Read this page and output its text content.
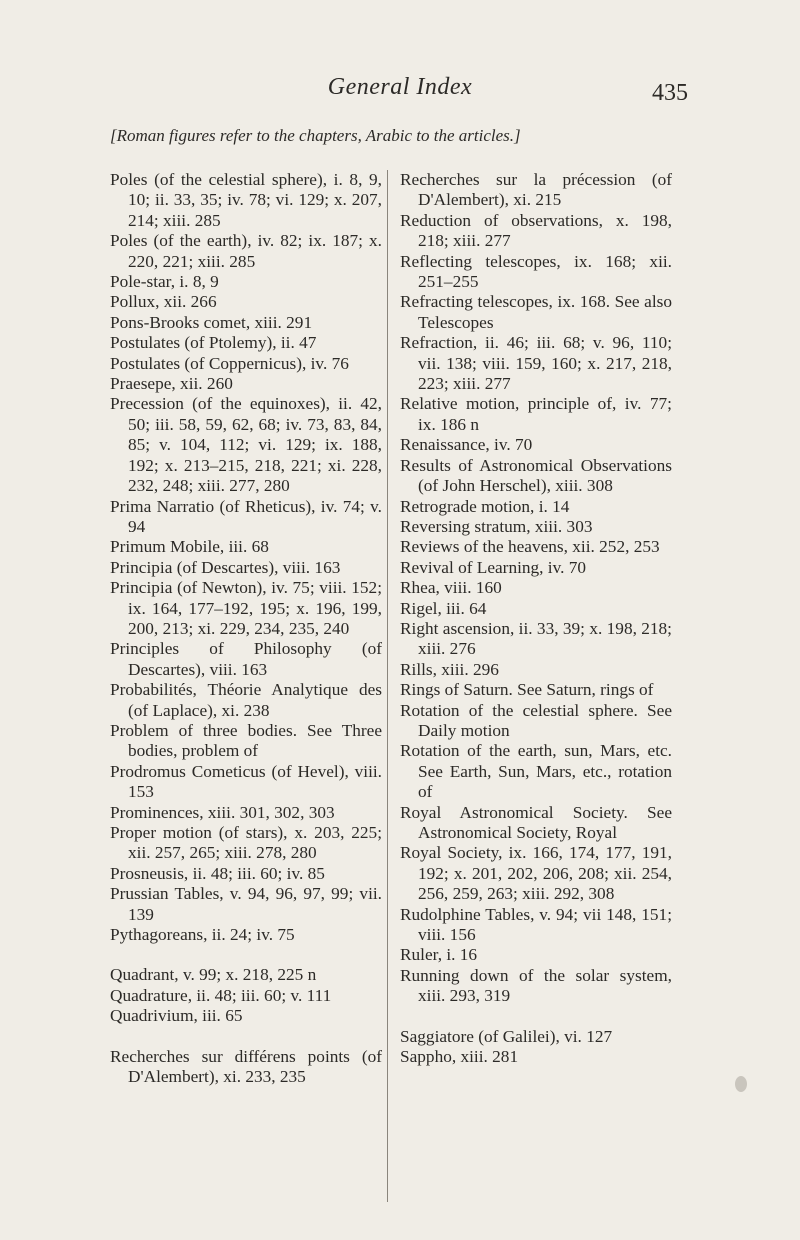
General Index	435
[Roman figures refer to the chapters, Arabic to the articles.]
Poles (of the celestial sphere), i. 8, 9, 10; ii. 33, 35; iv. 78; vi. 129; x. 207, 214; xiii. 285
Poles (of the earth), iv. 82; ix. 187; x. 220, 221; xiii. 285
Pole-star, i. 8, 9
Pollux, xii. 266
Pons-Brooks comet, xiii. 291
Postulates (of Ptolemy), ii. 47
Postulates (of Coppernicus), iv. 76
Praesepe, xii. 260
Precession (of the equinoxes), ii. 42, 50; iii. 58, 59, 62, 68; iv. 73, 83, 84, 85; v. 104, 112; vi. 129; ix. 188, 192; x. 213–215, 218, 221; xi. 228, 232, 248; xiii. 277, 280
Prima Narratio (of Rheticus), iv. 74; v. 94
Primum Mobile, iii. 68
Principia (of Descartes), viii. 163
Principia (of Newton), iv. 75; viii. 152; ix. 164, 177–192, 195; x. 196, 199, 200, 213; xi. 229, 234, 235, 240
Principles of Philosophy (of Descartes), viii. 163
Probabilités, Théorie Analytique des (of Laplace), xi. 238
Problem of three bodies. See Three bodies, problem of
Prodromus Cometicus (of Hevel), viii. 153
Prominences, xiii. 301, 302, 303
Proper motion (of stars), x. 203, 225; xii. 257, 265; xiii. 278, 280
Prosneusis, ii. 48; iii. 60; iv. 85
Prussian Tables, v. 94, 96, 97, 99; vii. 139
Pythagoreans, ii. 24; iv. 75
Quadrant, v. 99; x. 218, 225 n
Quadrature, ii. 48; iii. 60; v. 111
Quadrivium, iii. 65
Recherches sur différens points (of D'Alembert), xi. 233, 235
Recherches sur la précession (of D'Alembert), xi. 215
Reduction of observations, x. 198, 218; xiii. 277
Reflecting telescopes, ix. 168; xii. 251–255
Refracting telescopes, ix. 168. See also Telescopes
Refraction, ii. 46; iii. 68; v. 96, 110; vii. 138; viii. 159, 160; x. 217, 218, 223; xiii. 277
Relative motion, principle of, iv. 77; ix. 186 n
Renaissance, iv. 70
Results of Astronomical Observations (of John Herschel), xiii. 308
Retrograde motion, i. 14
Reversing stratum, xiii. 303
Reviews of the heavens, xii. 252, 253
Revival of Learning, iv. 70
Rhea, viii. 160
Rigel, iii. 64
Right ascension, ii. 33, 39; x. 198, 218; xiii. 276
Rills, xiii. 296
Rings of Saturn. See Saturn, rings of
Rotation of the celestial sphere. See Daily motion
Rotation of the earth, sun, Mars, etc. See Earth, Sun, Mars, etc., rotation of
Royal Astronomical Society. See Astronomical Society, Royal
Royal Society, ix. 166, 174, 177, 191, 192; x. 201, 202, 206, 208; xii. 254, 256, 259, 263; xiii. 292, 308
Rudolphine Tables, v. 94; vii 148, 151; viii. 156
Ruler, i. 16
Running down of the solar system, xiii. 293, 319
Saggiatore (of Galilei), vi. 127
Sappho, xiii. 281
